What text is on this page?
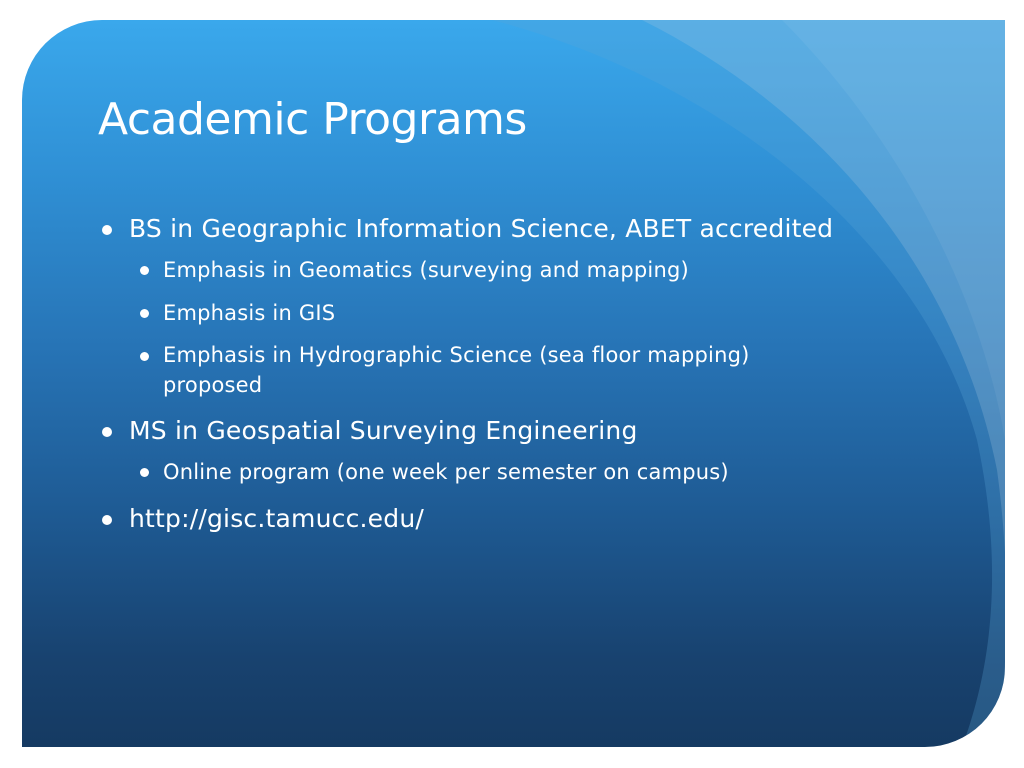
Academic Programs
BS in Geographic Information Science, ABET accredited
Emphasis in Geomatics (surveying and mapping)
Emphasis in GIS
Emphasis in Hydrographic Science (sea floor mapping)
proposed
MS in Geospatial Surveying Engineering
Online program (one week per semester on campus)
http://gisc.tamucc.edu/
